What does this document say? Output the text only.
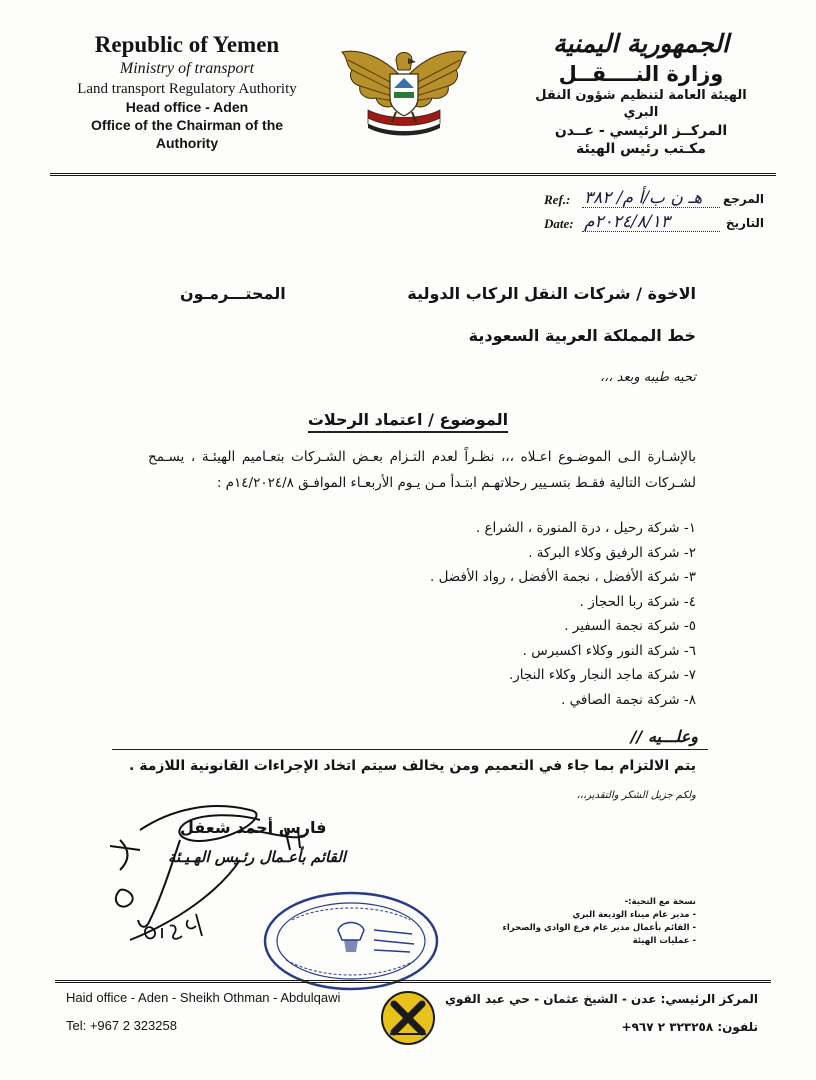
Republic of Yemen
Ministry of transport
Land transport Regulatory Authority
Head office - Aden
Office of the Chairman of the Authority
الجمهورية اليمنية
وزارة النــــقــل
الهيئة العامة لتنظيم شؤون النقل البري
المركــز الرئيسي - عــدن
مكـتب رئيس الهيئة
Ref.: هـ ن ب/أ م/ ٣٨٢ المرجع
Date: ٢٠٢٤/٨/١٣م	التاريخ
الاخوة / شركات النقل الركاب الدولية
المحتـــرمـون
خط المملكة العربية السعودية
تحيه طيبه وبعد ،،،
الموضوع / اعتماد الرحلات
بالإشـارة الـى الموضـوع اعـلاه ،،، نظـراً لعدم التـزام بعـض الشـركات بتعـاميم الهيئـة ، يسـمح لشـركات التالية فقـط بتسـيير رحلاتهـم ابتـدأ مـن يـوم الأربعـاء الموافـق ١٤/٢٠٢٤/٨م :
١- شركة رحيل ، درة المنورة ، الشراع .
٢- شركة الرفيق وكلاء البركة .
٣- شركة الأفضل ، نجمة الأفضل ، رواد الأفضل .
٤- شركة ربا الحجاز .
٥- شركة نجمة السفير .
٦- شركة النور وكلاء اكسبرس .
٧- شركة ماجد النجار وكلاء النجار.
٨- شركة نجمة الصافي .
وعلـــيه //
يتم الالتزام بما جاء في التعميم ومن يخالف سيتم اتخاد الإجراءات القانونية اللازمة .
ولكم جزيل الشكر والتقدير،،،
فارس أحمد شعفل
القائم بأعـمال رئـيس الهـيـئة
نسخة مع التحية:-
- مدير عام ميناء الوديعة البري
- القائم بأعمال مدير عام فرع الوادي والصحراء
- عمليات الهيئة
Haid office - Aden - Sheikh Othman - Abdulqawi
Tel: +967 2 323258
المركز الرئيسي: عدن - الشيخ عثمان - حي عبد القوي
تلفون: ٣٢٣٢٥٨ ٢ ٩٦٧+
